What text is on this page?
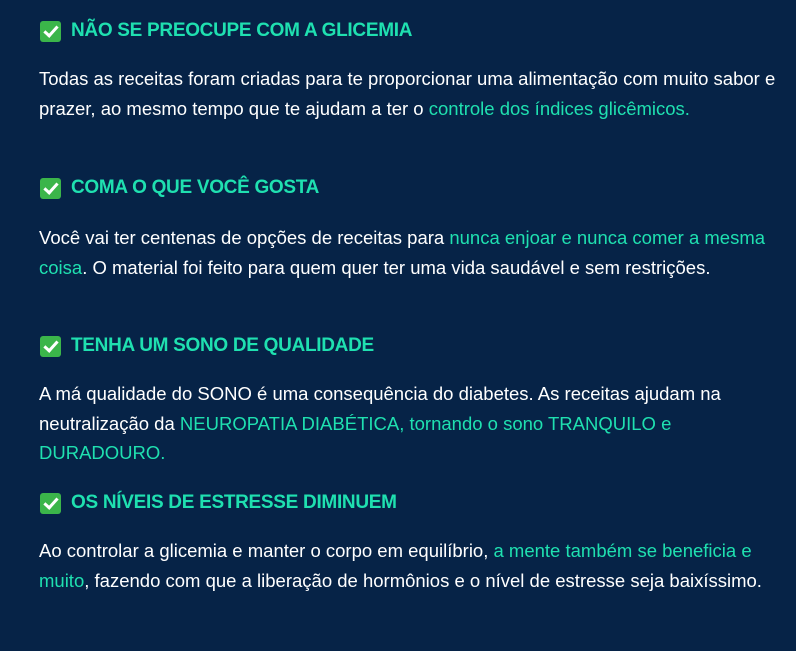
NÃO SE PREOCUPE COM A GLICEMIA

Todas as receitas foram criadas para te proporcionar uma alimentação com muito sabor e prazer, ao mesmo tempo que te ajudam a ter o controle dos índices glicêmicos.

COMA O QUE VOCÊ GOSTA

Você vai ter centenas de opções de receitas para nunca enjoar e nunca comer a mesma coisa. O material foi feito para quem quer ter uma vida saudável e sem restrições.

TENHA UM SONO DE QUALIDADE

A má qualidade do SONO é uma consequência do diabetes. As receitas ajudam na neutralização da NEUROPATIA DIABÉTICA, tornando o sono TRANQUILO e DURADOURO.

OS NÍVEIS DE ESTRESSE DIMINUEM

Ao controlar a glicemia e manter o corpo em equilíbrio, a mente também se beneficia e muito, fazendo com que a liberação de hormônios e o nível de estresse seja baixíssimo.
